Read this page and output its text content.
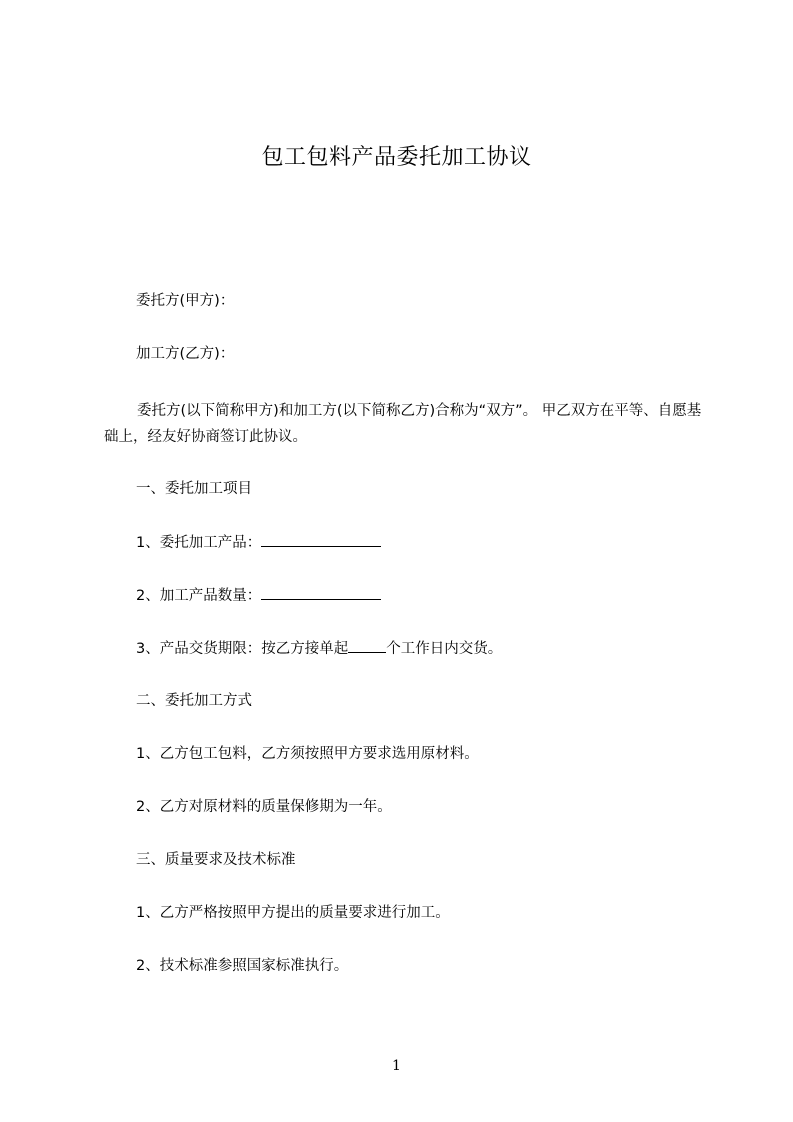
包工包料产品委托加工协议
委托方(甲方)：
加工方(乙方)：
委托方(以下简称甲方)和加工方(以下简称乙方)合称为“双方”。 甲乙双方在平等、自愿基础上，经友好协商签订此协议。
一、委托加工项目
1、委托加工产品：
2、加工产品数量：
3、产品交货期限：按乙方接单起	个工作日内交货。
二、委托加工方式
1、乙方包工包料，乙方须按照甲方要求选用原材料。
2、乙方对原材料的质量保修期为一年。
三、质量要求及技术标准
1、乙方严格按照甲方提出的质量要求进行加工。
2、技术标准参照国家标准执行。
1
